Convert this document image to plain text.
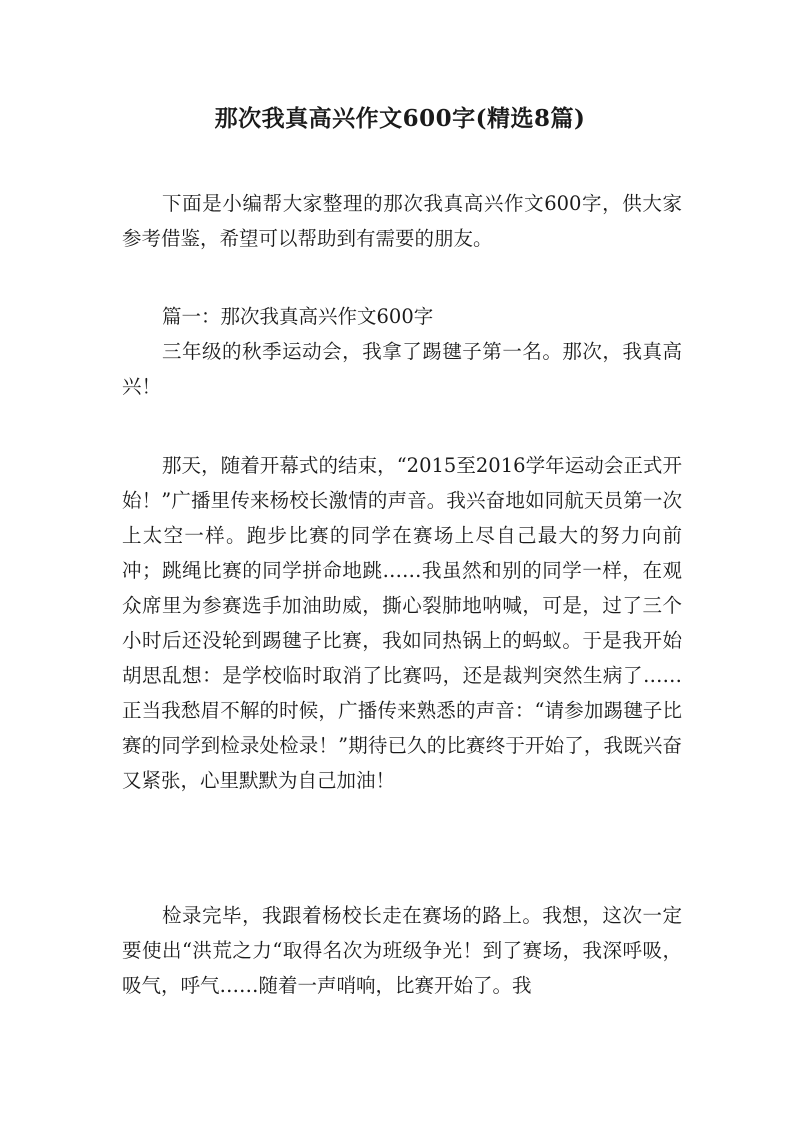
那次我真高兴作文600字(精选8篇)

下面是小编帮大家整理的那次我真高兴作文600字，供大家参考借鉴，希望可以帮助到有需要的朋友。

篇一：那次我真高兴作文600字

三年级的秋季运动会，我拿了踢毽子第一名。那次，我真高兴！

那天，随着开幕式的结束，“2015至2016学年运动会正式开始！”广播里传来杨校长激情的声音。我兴奋地如同航天员第一次上太空一样。跑步比赛的同学在赛场上尽自己最大的努力向前冲；跳绳比赛的同学拼命地跳……我虽然和别的同学一样，在观众席里为参赛选手加油助威，撕心裂肺地呐喊，可是，过了三个小时后还没轮到踢毽子比赛，我如同热锅上的蚂蚁。于是我开始胡思乱想：是学校临时取消了比赛吗，还是裁判突然生病了……正当我愁眉不解的时候，广播传来熟悉的声音：“请参加踢毽子比赛的同学到检录处检录！”期待已久的比赛终于开始了，我既兴奋又紧张，心里默默为自己加油！

检录完毕，我跟着杨校长走在赛场的路上。我想，这次一定要使出“洪荒之力“取得名次为班级争光！到了赛场，我深呼吸，吸气，呼气……随着一声哨响，比赛开始了。我
